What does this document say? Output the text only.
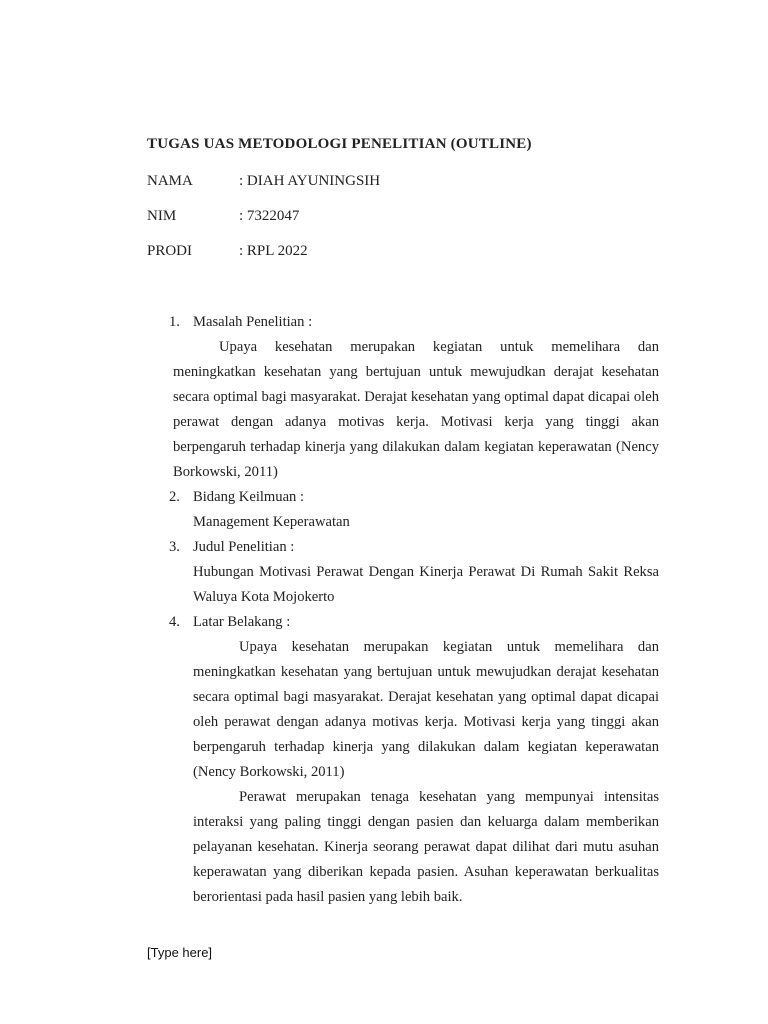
TUGAS UAS METODOLOGI PENELITIAN (OUTLINE)
NAMA	: DIAH AYUNINGSIH
NIM	: 7322047
PRODI	: RPL 2022
1. Masalah Penelitian :
Upaya kesehatan merupakan kegiatan untuk memelihara dan meningkatkan kesehatan yang bertujuan untuk mewujudkan derajat kesehatan secara optimal bagi masyarakat. Derajat kesehatan yang optimal dapat dicapai oleh perawat dengan adanya motivas kerja. Motivasi kerja yang tinggi akan berpengaruh terhadap kinerja yang dilakukan dalam kegiatan keperawatan (Nency Borkowski, 2011)
2. Bidang Keilmuan :
Management Keperawatan
3. Judul Penelitian :
Hubungan Motivasi Perawat Dengan Kinerja Perawat Di Rumah Sakit Reksa Waluya Kota Mojokerto
4. Latar Belakang :
Upaya kesehatan merupakan kegiatan untuk memelihara dan meningkatkan kesehatan yang bertujuan untuk mewujudkan derajat kesehatan secara optimal bagi masyarakat. Derajat kesehatan yang optimal dapat dicapai oleh perawat dengan adanya motivas kerja. Motivasi kerja yang tinggi akan berpengaruh terhadap kinerja yang dilakukan dalam kegiatan keperawatan (Nency Borkowski, 2011)
Perawat merupakan tenaga kesehatan yang mempunyai intensitas interaksi yang paling tinggi dengan pasien dan keluarga dalam memberikan pelayanan kesehatan. Kinerja seorang perawat dapat dilihat dari mutu asuhan keperawatan yang diberikan kepada pasien. Asuhan keperawatan berkualitas berorientasi pada hasil pasien yang lebih baik.
[Type here]
